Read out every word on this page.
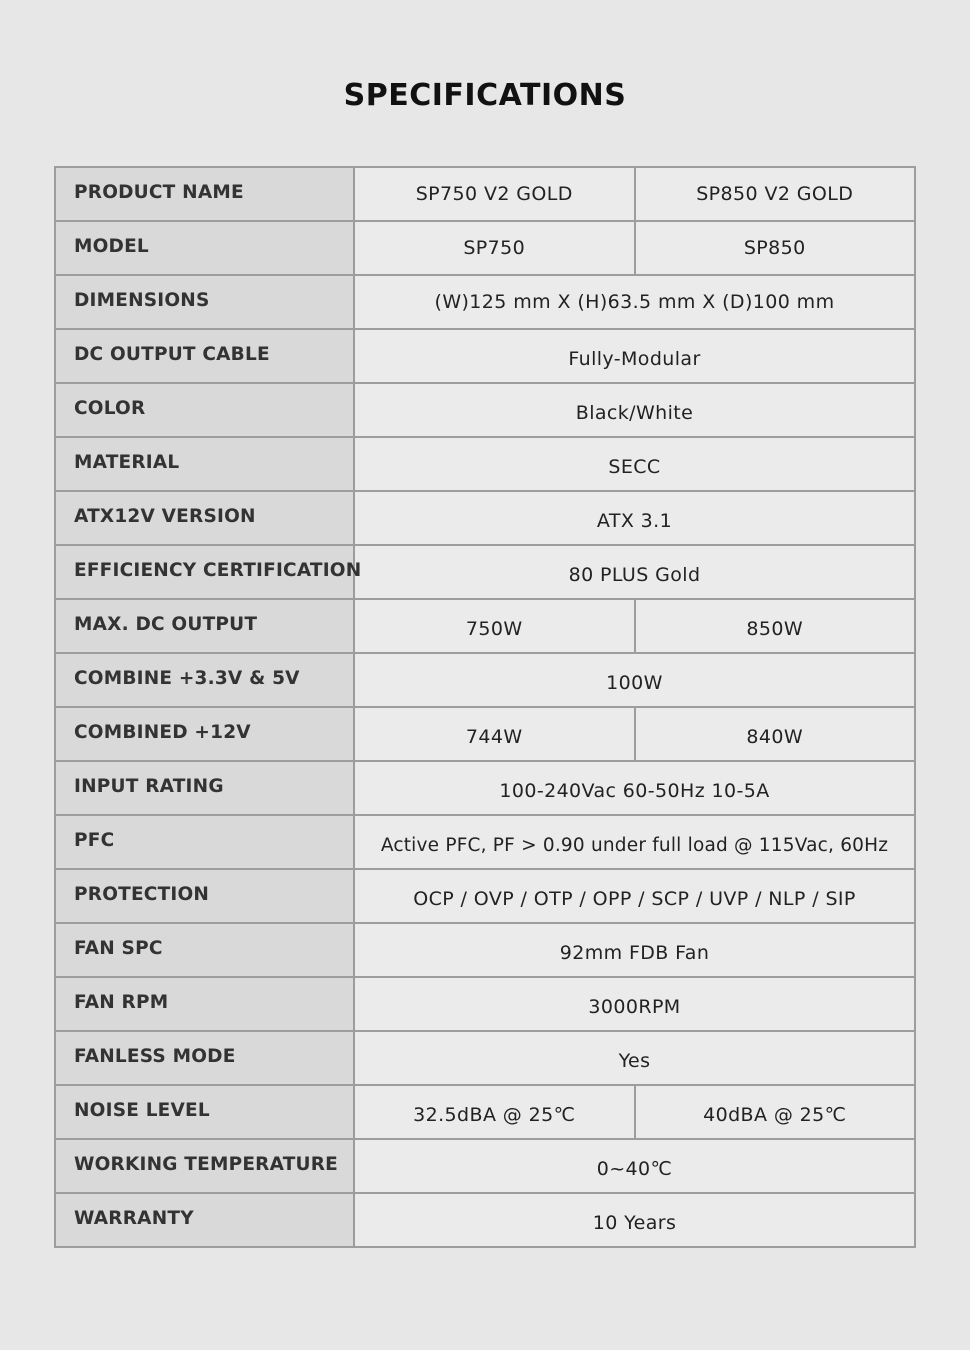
SPECIFICATIONS
PRODUCT NAME	SP750 V2 GOLD	SP850 V2 GOLD
MODEL	SP750	SP850
DIMENSIONS	(W)125 mm X (H)63.5 mm X (D)100 mm	
DC OUTPUT CABLE	Fully-Modular	
COLOR	Black/White	
MATERIAL	SECC	
ATX12V VERSION	ATX 3.1	
EFFICIENCY CERTIFICATION	80 PLUS Gold	
MAX. DC OUTPUT	750W	850W
COMBINE +3.3V & 5V	100W	
COMBINED +12V	744W	840W
INPUT RATING	100-240Vac 60-50Hz 10-5A	
PFC	Active PFC, PF > 0.90 under full load @ 115Vac, 60Hz	
PROTECTION	OCP / OVP / OTP / OPP / SCP / UVP / NLP / SIP	
FAN SPC	92mm FDB Fan	
FAN RPM	3000RPM	
FANLESS MODE	Yes	
NOISE LEVEL	32.5dBA @ 25℃	40dBA @ 25℃
WORKING TEMPERATURE	0~40℃	
WARRANTY	10 Years	
